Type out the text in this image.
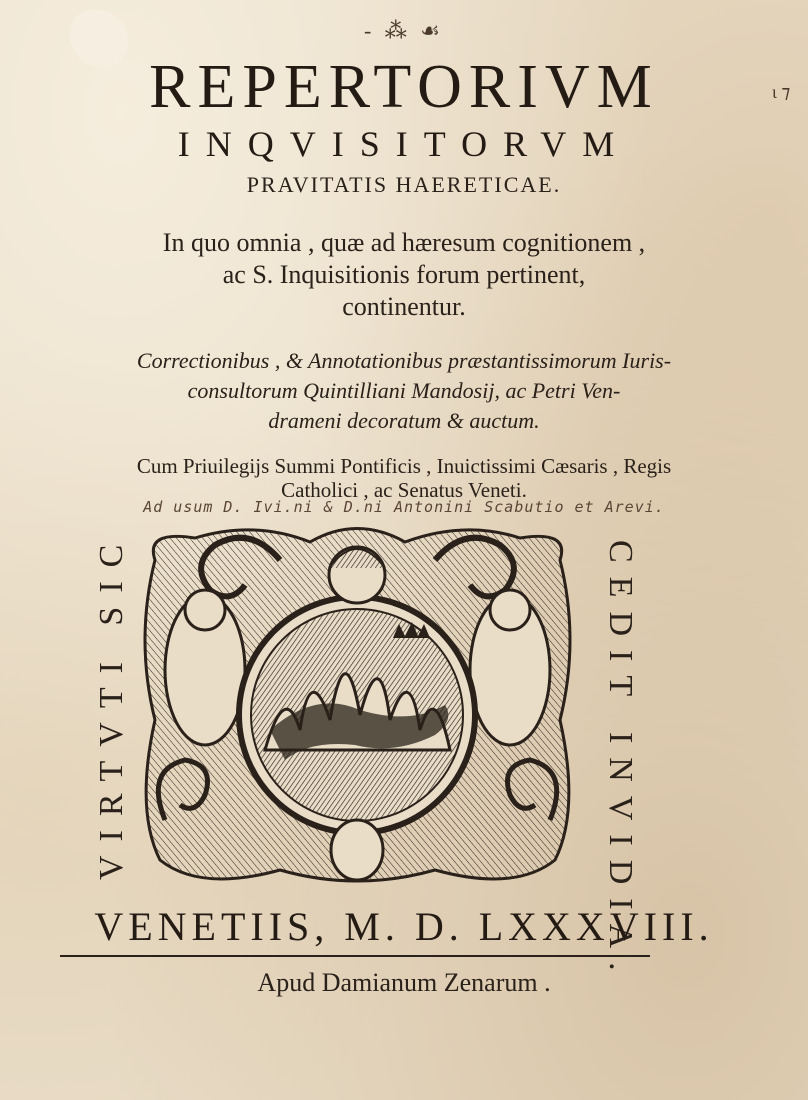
- ⁂ ☙
ι ⁊
REPERTORIVM
INQVISITORVM
PRAVITATIS HAERETICAE.
In quo omnia , quæ ad hæresum cognitionem ,
ac S. Inquisitionis forum pertinent,
continentur.
Correctionibus , & Annotationibus præstantissimorum Iuris-
consultorum Quintilliani Mandosij, ac Petri Ven-
drameni decoratum & auctum.
Cum Priuilegijs Summi Pontificis , Inuictissimi Cæsaris , Regis
Catholici , ac Senatus Veneti.
Ad usum D. Ivi.ni & D.ni Antonini Scabutio et Arevi.
VIRTVTI SIC	CEDIT INVIDIA.
VENETIIS, M. D. LXXXVIII.
Apud Damianum Zenarum .
